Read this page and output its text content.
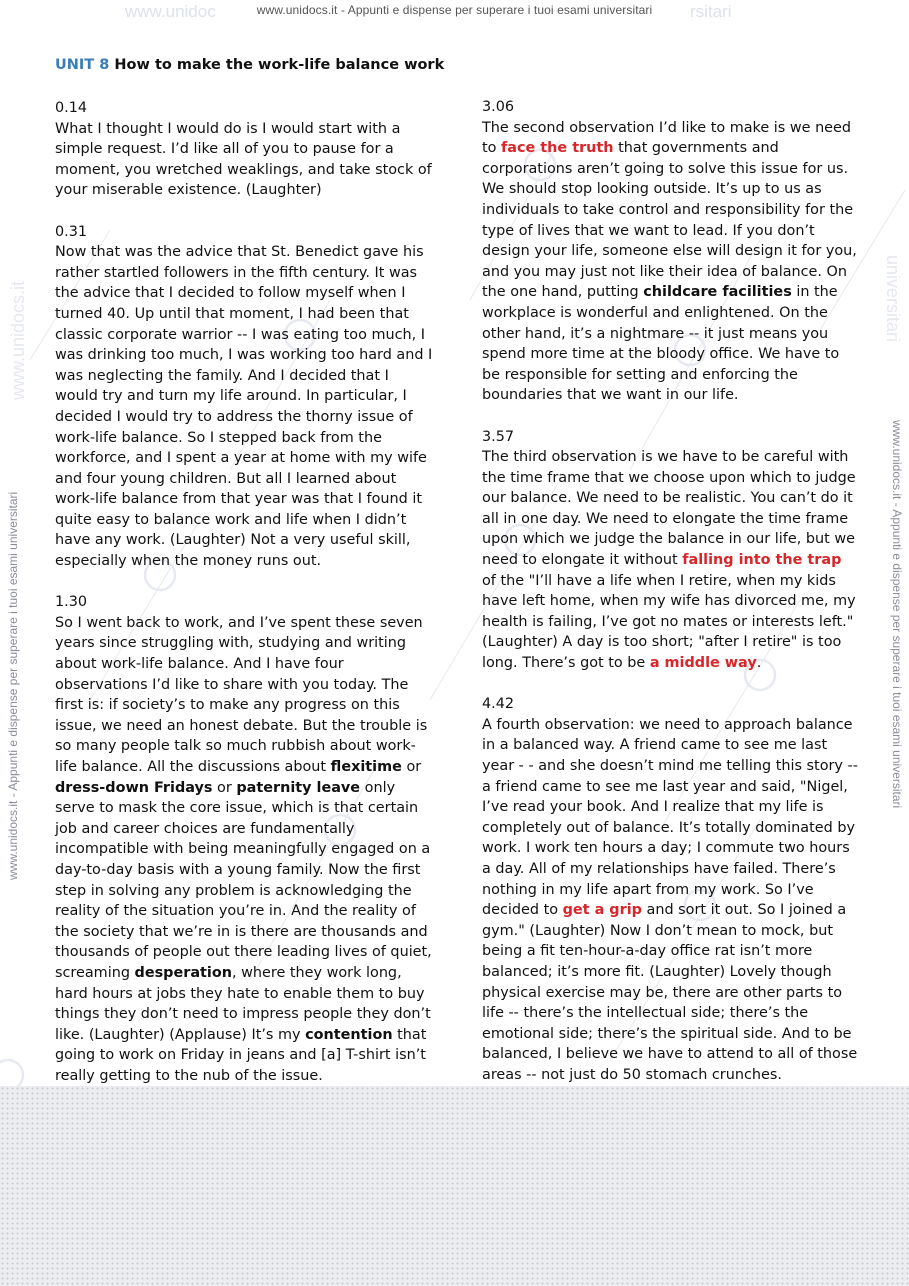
www.unidoc	rsitari
www.unidocs.it - Appunti e dispense per superare i tuoi esami universitari
www.unidocs.it	universitari
www.unidocs.it - Appunti e dispense per superare i tuoi esami universitari	www.unidocs.it - Appunti e dispense per superare i tuoi esami universitari
UNIT 8 How to make the work-life balance work

0.14
What I thought I would do is I would start with a simple request. I’d like all of you to pause for a moment, you wretched weaklings, and take stock of your miserable existence. (Laughter)

0.31
Now that was the advice that St. Benedict gave his rather startled followers in the fifth century. It was the advice that I decided to follow myself when I turned 40. Up until that moment, I had been that classic corporate warrior -- I was eating too much, I was drinking too much, I was working too hard and I was neglecting the family. And I decided that I would try and turn my life around. In particular, I decided I would try to address the thorny issue of work-life balance. So I stepped back from the workforce, and I spent a year at home with my wife and four young children. But all I learned about work-life balance from that year was that I found it quite easy to balance work and life when I didn’t have any work. (Laughter) Not a very useful skill, especially when the money runs out.

1.30
So I went back to work, and I’ve spent these seven years since struggling with, studying and writing about work-life balance. And I have four observations I’d like to share with you today. The first is: if society’s to make any progress on this issue, we need an honest debate. But the trouble is so many people talk so much rubbish about work-life balance. All the discussions about flexitime or dress-down Fridays or paternity leave only serve to mask the core issue, which is that certain job and career choices are fundamentally incompatible with being meaningfully engaged on a day-to-day basis with a young family. Now the first step in solving any problem is acknowledging the reality of the situation you’re in. And the reality of the society that we’re in is there are thousands and thousands of people out there leading lives of quiet, screaming desperation, where they work long, hard hours at jobs they hate to enable them to buy things they don’t need to impress people they don’t like. (Laughter) (Applause) It’s my contention that going to work on Friday in jeans and [a] T-shirt isn’t really getting to the nub of the issue.

3.06
The second observation I’d like to make is we need to face the truth that governments and corporations aren’t going to solve this issue for us. We should stop looking outside. It’s up to us as individuals to take control and responsibility for the type of lives that we want to lead. If you don’t design your life, someone else will design it for you, and you may just not like their idea of balance. On the one hand, putting childcare facilities in the workplace is wonderful and enlightened. On the other hand, it’s a nightmare -- it just means you spend more time at the bloody office. We have to be responsible for setting and enforcing the boundaries that we want in our life.

3.57
The third observation is we have to be careful with the time frame that we choose upon which to judge our balance. We need to be realistic. You can’t do it all in one day. We need to elongate the time frame upon which we judge the balance in our life, but we need to elongate it without falling into the trap of the "I’ll have a life when I retire, when my kids have left home, when my wife has divorced me, my health is failing, I’ve got no mates or interests left." (Laughter) A day is too short; "after I retire" is too long. There’s got to be a middle way.

4.42
A fourth observation: we need to approach balance in a balanced way. A friend came to see me last year - - and she doesn’t mind me telling this story -- a friend came to see me last year and said, "Nigel, I’ve read your book. And I realize that my life is completely out of balance. It’s totally dominated by work. I work ten hours a day; I commute two hours a day. All of my relationships have failed. There’s nothing in my life apart from my work. So I’ve decided to get a grip and sort it out. So I joined a gym." (Laughter) Now I don’t mean to mock, but being a fit ten-hour-a-day office rat isn’t more balanced; it’s more fit. (Laughter) Lovely though physical exercise may be, there are other parts to life -- there’s the intellectual side; there’s the emotional side; there’s the spiritual side. And to be balanced, I believe we have to attend to all of those areas -- not just do 50 stomach crunches.
